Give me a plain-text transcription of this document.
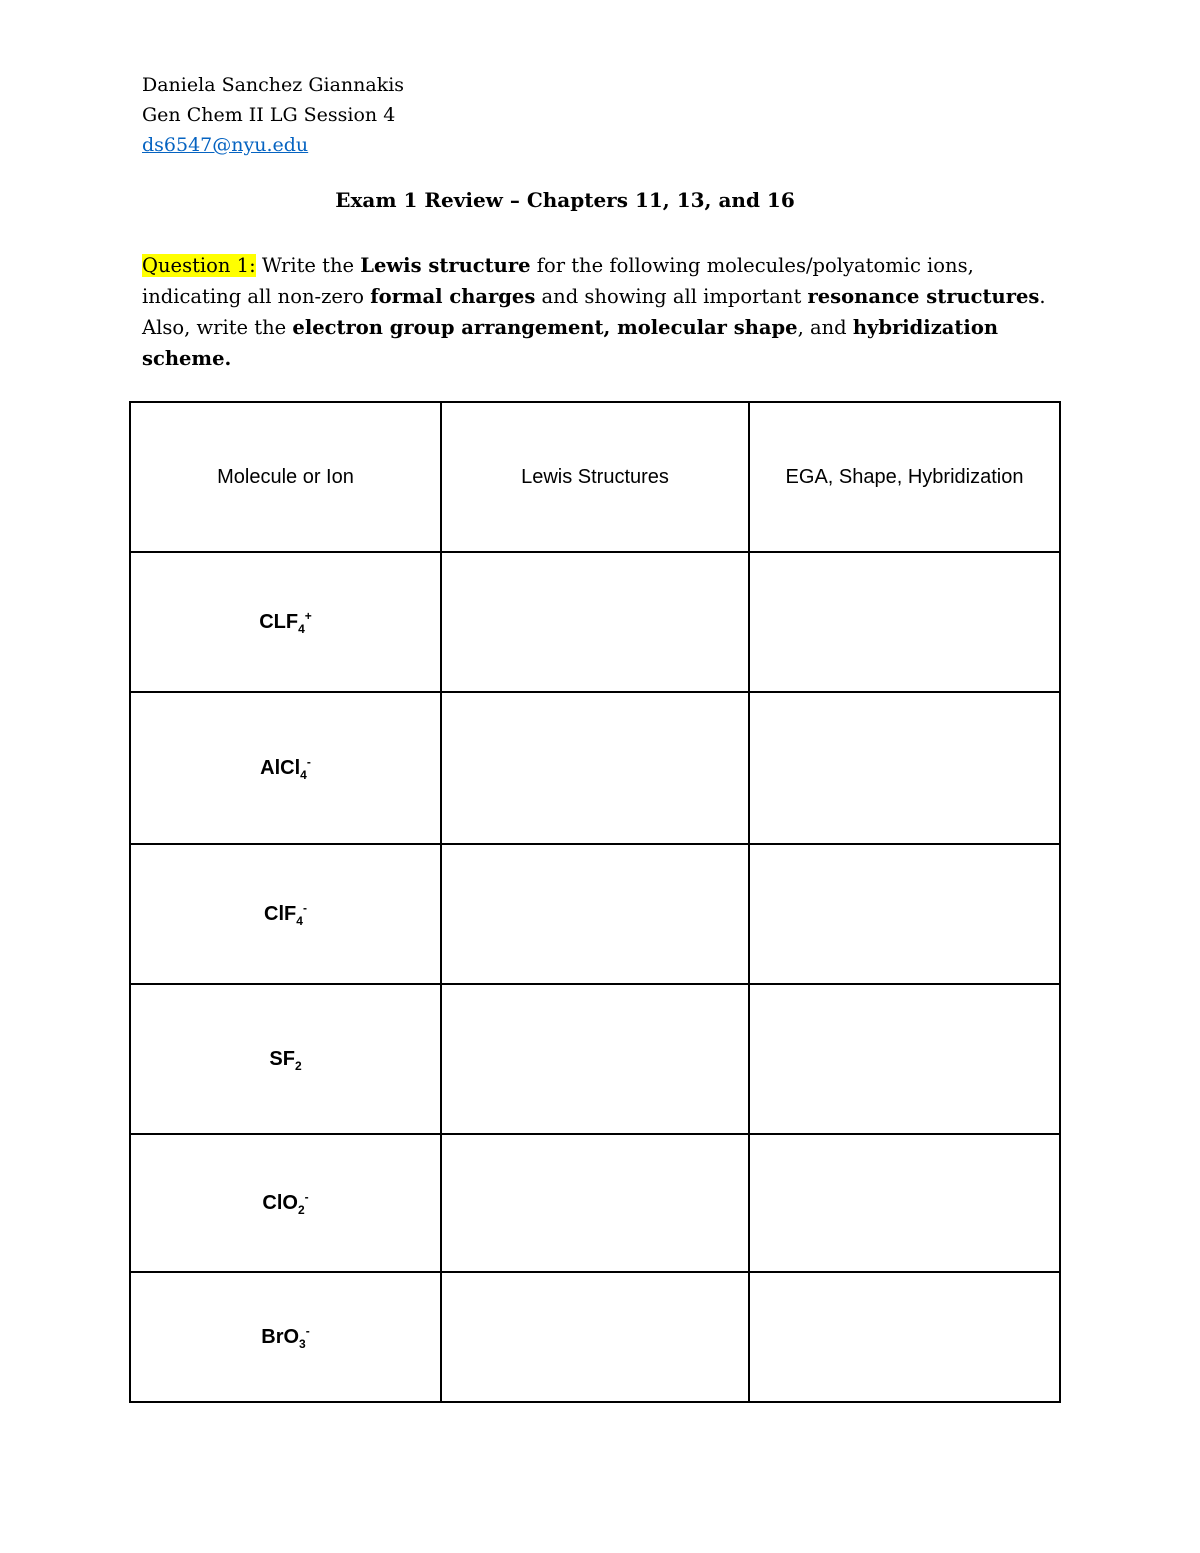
Daniela Sanchez Giannakis
Gen Chem II LG Session 4
ds6547@nyu.edu
Exam 1 Review – Chapters 11, 13, and 16
Question 1: Write the Lewis structure for the following molecules/polyatomic ions,
indicating all non-zero formal charges and showing all important resonance structures.
Also, write the electron group arrangement, molecular shape, and hybridization
scheme.
Molecule or Ion	Lewis Structures	EGA, Shape, Hybridization
$CLF_4^+$		
AlCl$_4$-		
ClF$_4$-		
$SF_2$		
ClO$_2$-		
BrO$_3$-		
